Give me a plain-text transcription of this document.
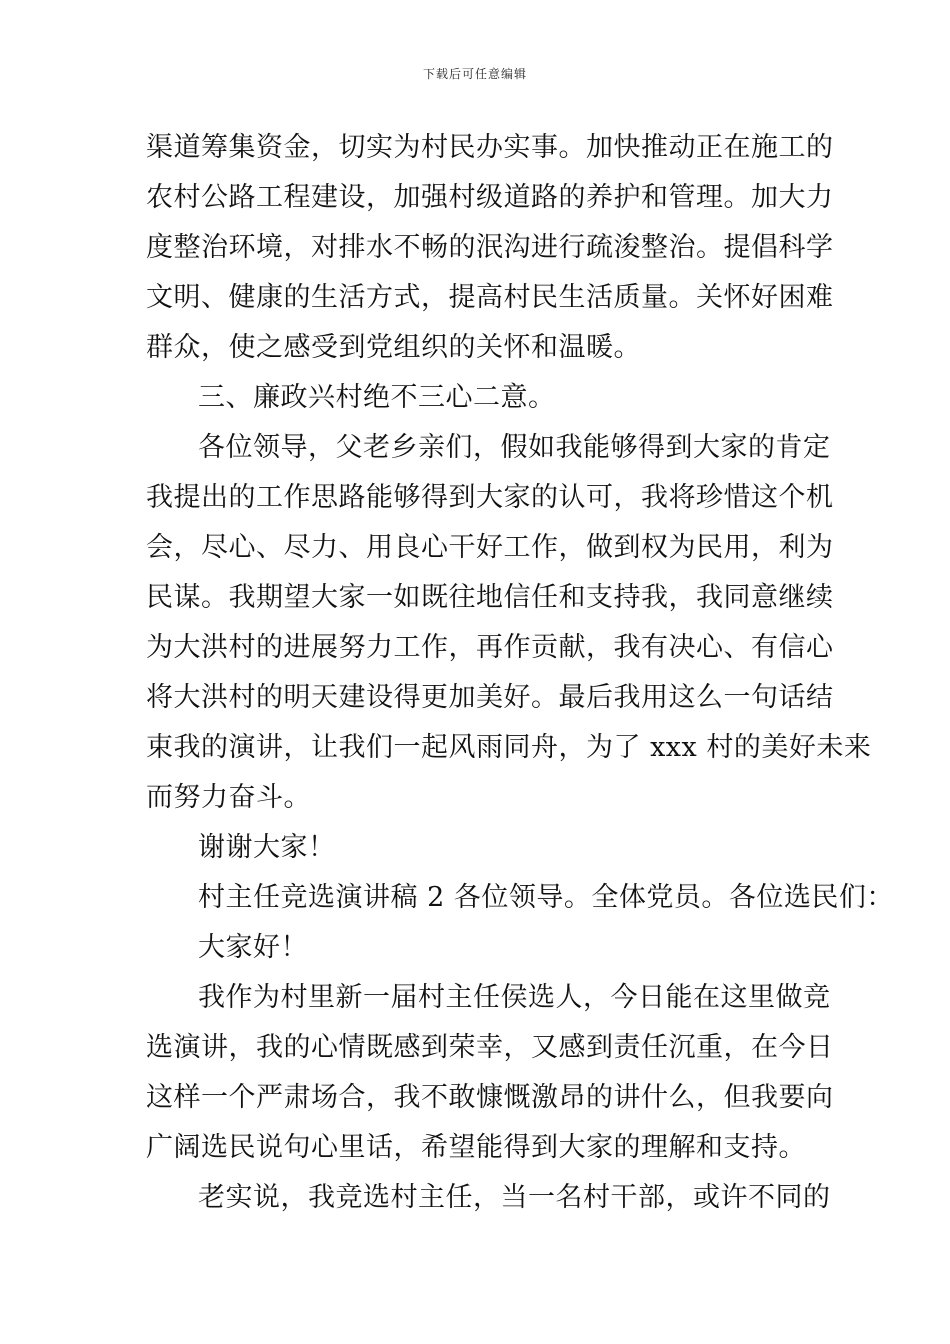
下载后可任意编辑
渠道筹集资金，切实为村民办实事。加快推动正在施工的
农村公路工程建设，加强村级道路的养护和管理。加大力
度整治环境，对排水不畅的泯沟进行疏浚整治。提倡科学
文明、健康的生活方式，提高村民生活质量。关怀好困难
群众，使之感受到党组织的关怀和温暖。
三、廉政兴村绝不三心二意。
各位领导，父老乡亲们，假如我能够得到大家的肯定
我提出的工作思路能够得到大家的认可，我将珍惜这个机
会，尽心、尽力、用良心干好工作，做到权为民用，利为
民谋。我期望大家一如既往地信任和支持我，我同意继续
为大洪村的进展努力工作，再作贡献，我有决心、有信心
将大洪村的明天建设得更加美好。最后我用这么一句话结
束我的演讲，让我们一起风雨同舟，为了 xxx 村的美好未来
而努力奋斗。
谢谢大家！
村主任竞选演讲稿 2 各位领导。全体党员。各位选民们：
大家好！
我作为村里新一届村主任侯选人，今日能在这里做竞
选演讲，我的心情既感到荣幸，又感到责任沉重，在今日
这样一个严肃场合，我不敢慷慨激昂的讲什么，但我要向
广阔选民说句心里话，希望能得到大家的理解和支持。
老实说，我竞选村主任，当一名村干部，或许不同的
